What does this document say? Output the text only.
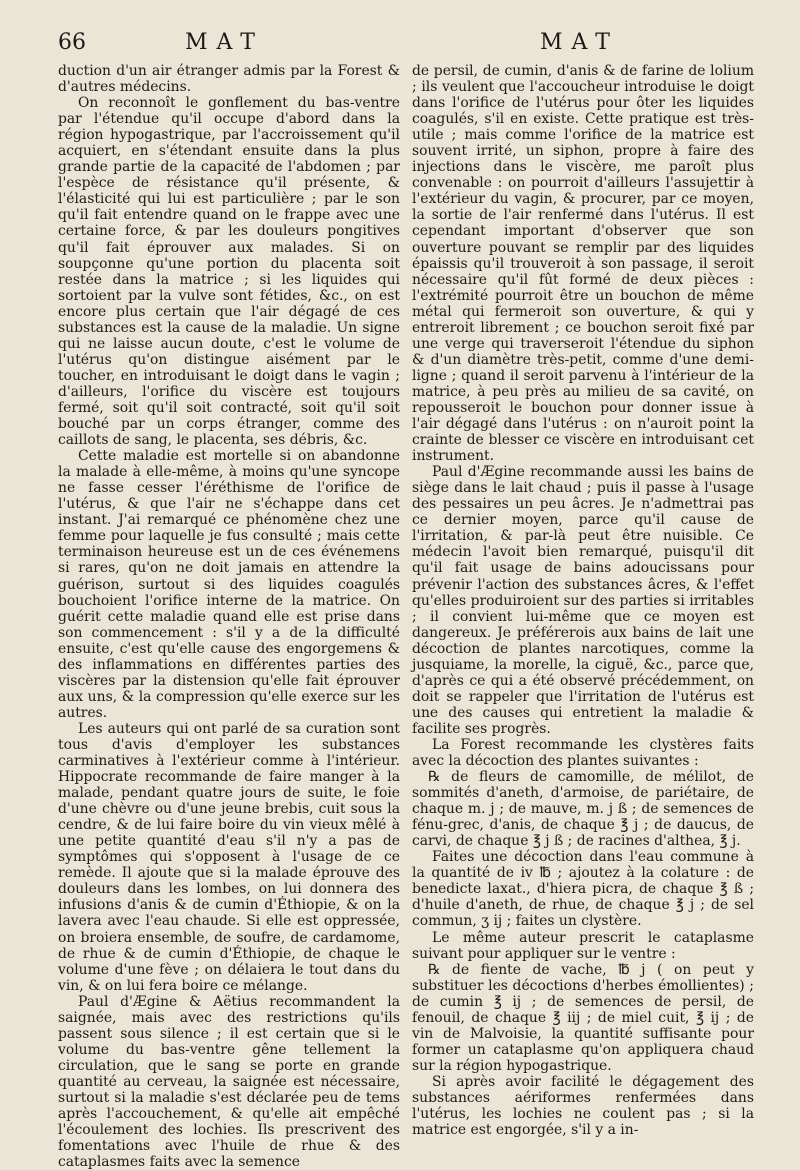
66	MAT	MAT

duction d'un air étranger admis par la Forest & d'autres médecins.

On reconnoît le gonflement du bas-ventre par l'étendue qu'il occupe d'abord dans la région hypogastrique, par l'accroissement qu'il acquiert, en s'étendant ensuite dans la plus grande partie de la capacité de l'abdomen ; par l'espèce de résistance qu'il présente, & l'élasticité qui lui est particulière ; par le son qu'il fait entendre quand on le frappe avec une certaine force, & par les douleurs pongitives qu'il fait éprouver aux malades. Si on soupçonne qu'une portion du placenta soit restée dans la matrice ; si les liquides qui sortoient par la vulve sont fétides, &c., on est encore plus certain que l'air dégagé de ces substances est la cause de la maladie. Un signe qui ne laisse aucun doute, c'est le volume de l'utérus qu'on distingue aisément par le toucher, en introduisant le doigt dans le vagin ; d'ailleurs, l'orifice du viscère est toujours fermé, soit qu'il soit contracté, soit qu'il soit bouché par un corps étranger, comme des caillots de sang, le placenta, ses débris, &c.

Cette maladie est mortelle si on abandonne la malade à elle-même, à moins qu'une syncope ne fasse cesser l'éréthisme de l'orifice de l'utérus, & que l'air ne s'échappe dans cet instant. J'ai remarqué ce phénomène chez une femme pour laquelle je fus consulté ; mais cette terminaison heureuse est un de ces événemens si rares, qu'on ne doit jamais en attendre la guérison, surtout si des liquides coagulés bouchoient l'orifice interne de la matrice. On guérit cette maladie quand elle est prise dans son commencement : s'il y a de la difficulté ensuite, c'est qu'elle cause des engorgemens & des inflammations en différentes parties des viscères par la distension qu'elle fait éprouver aux uns, & la compression qu'elle exerce sur les autres.

Les auteurs qui ont parlé de sa curation sont tous d'avis d'employer les substances carminatives à l'extérieur comme à l'intérieur. Hippocrate recommande de faire manger à la malade, pendant quatre jours de suite, le foie d'une chèvre ou d'une jeune brebis, cuit sous la cendre, & de lui faire boire du vin vieux mêlé à une petite quantité d'eau s'il n'y a pas de symptômes qui s'opposent à l'usage de ce remède. Il ajoute que si la malade éprouve des douleurs dans les lombes, on lui donnera des infusions d'anis & de cumin d'Éthiopie, & on la lavera avec l'eau chaude. Si elle est oppressée, on broiera ensemble, de soufre, de cardamome, de rhue & de cumin d'Éthiopie, de chaque le volume d'une fève ; on délaiera le tout dans du vin, & on lui fera boire ce mélange.

Paul d'Ægine & Aëtius recommandent la saignée, mais avec des restrictions qu'ils passent sous silence ; il est certain que si le volume du bas-ventre gêne tellement la circulation, que le sang se porte en grande quantité au cerveau, la saignée est nécessaire, surtout si la maladie s'est déclarée peu de tems après l'accouchement, & qu'elle ait empêché l'écoulement des lochies. Ils prescrivent des fomentations avec l'huile de rhue & des cataplasmes faits avec la semence

de persil, de cumin, d'anis & de farine de lolium ; ils veulent que l'accoucheur introduise le doigt dans l'orifice de l'utérus pour ôter les liquides coagulés, s'il en existe. Cette pratique est très-utile ; mais comme l'orifice de la matrice est souvent irrité, un siphon, propre à faire des injections dans le viscère, me paroît plus convenable : on pourroit d'ailleurs l'assujettir à l'extérieur du vagin, & procurer, par ce moyen, la sortie de l'air renfermé dans l'utérus. Il est cependant important d'observer que son ouverture pouvant se remplir par des liquides épaissis qu'il trouveroit à son passage, il seroit nécessaire qu'il fût formé de deux pièces : l'extrémité pourroit être un bouchon de même métal qui fermeroit son ouverture, & qui y entreroit librement ; ce bouchon seroit fixé par une verge qui traverseroit l'étendue du siphon & d'un diamètre très-petit, comme d'une demi-ligne ; quand il seroit parvenu à l'intérieur de la matrice, à peu près au milieu de sa cavité, on repousseroit le bouchon pour donner issue à l'air dégagé dans l'utérus : on n'auroit point la crainte de blesser ce viscère en introduisant cet instrument.

Paul d'Ægine recommande aussi les bains de siège dans le lait chaud ; puis il passe à l'usage des pessaires un peu âcres. Je n'admettrai pas ce dernier moyen, parce qu'il cause de l'irritation, & par-là peut être nuisible. Ce médecin l'avoit bien remarqué, puisqu'il dit qu'il fait usage de bains adoucissans pour prévenir l'action des substances âcres, & l'effet qu'elles produiroient sur des parties si irritables ; il convient lui-même que ce moyen est dangereux. Je préférerois aux bains de lait une décoction de plantes narcotiques, comme la jusquiame, la morelle, la ciguë, &c., parce que, d'après ce qui a été observé précédemment, on doit se rappeler que l'irritation de l'utérus est une des causes qui entretient la maladie & facilite ses progrès.

La Forest recommande les clystères faits avec la décoction des plantes suivantes :

℞ de fleurs de camomille, de mélilot, de sommités d'aneth, d'armoise, de pariétaire, de chaque m. j ; de mauve, m. j ß ; de semences de fénu-grec, d'anis, de chaque ℥ j ; de daucus, de carvi, de chaque ℥ j ß ; de racines d'althea, ℥ j.

Faites une décoction dans l'eau commune à la quantité de iv ℔ ; ajoutez à la colature : de benedicte laxat., d'hiera picra, de chaque ℥ ß ; d'huile d'aneth, de rhue, de chaque ℥ j ; de sel commun, ʒ ij ; faites un clystère.

Le même auteur prescrit le cataplasme suivant pour appliquer sur le ventre :

℞ de fiente de vache, ℔ j ( on peut y substituer les décoctions d'herbes émollientes) ; de cumin ℥ ij ; de semences de persil, de fenouil, de chaque ℥ iij ; de miel cuit, ℥ ij ; de vin de Malvoisie, la quantité suffisante pour former un cataplasme qu'on appliquera chaud sur la région hypogastrique.

Si après avoir facilité le dégagement des substances aériformes renfermées dans l'utérus, les lochies ne coulent pas ; si la matrice est engorgée, s'il y a in-
